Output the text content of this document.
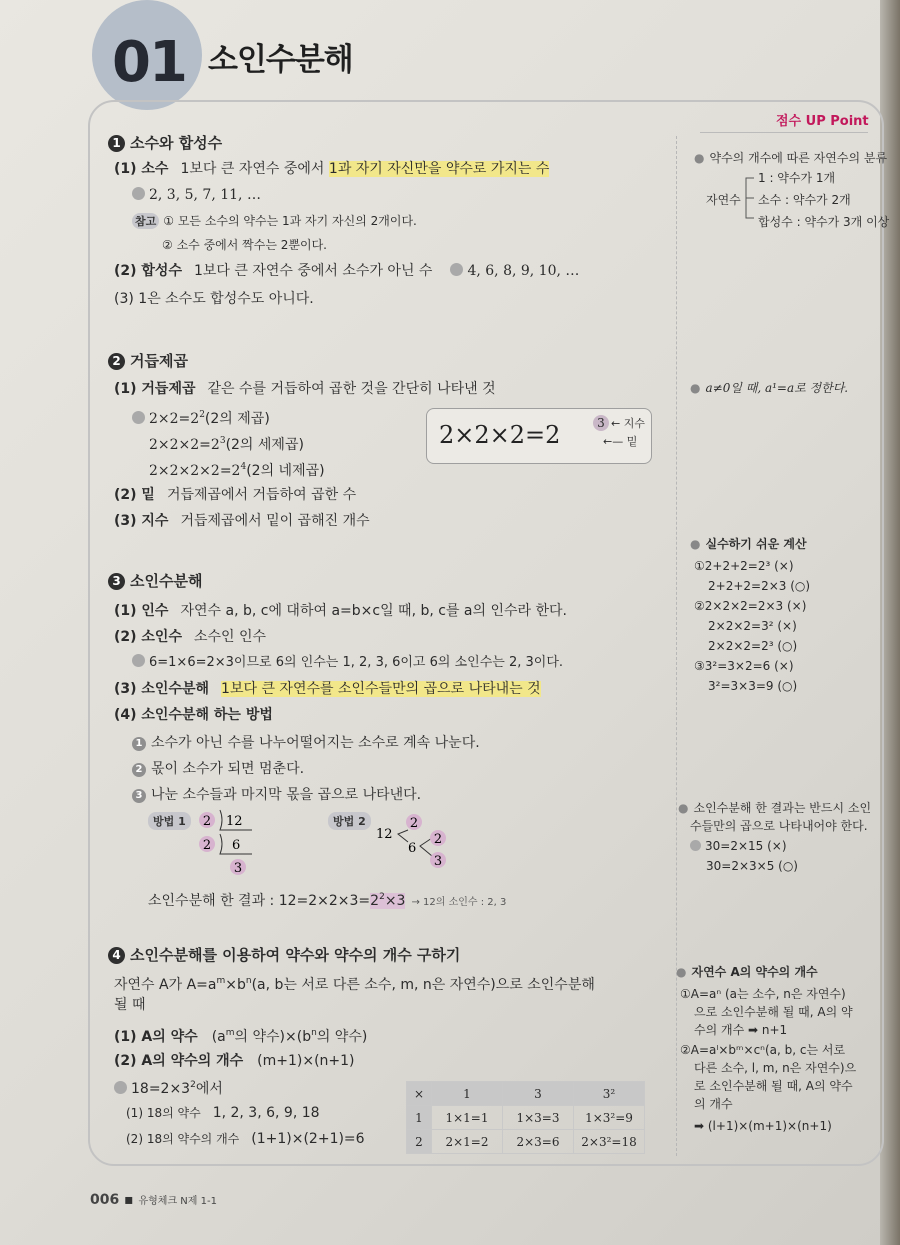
01 소인수분해
점수 UP Point
1 소수와 합성수
(1) 소수 1보다 큰 자연수 중에서 1과 자기 자신만을 약수로 가지는 수
2, 3, 5, 7, 11, …
참고 ① 모든 소수의 약수는 1과 자기 자신의 2개이다.
② 소수 중에서 짝수는 2뿐이다.
(2) 합성수 1보다 큰 자연수 중에서 소수가 아닌 수	4, 6, 8, 9, 10, …
(3) 1은 소수도 합성수도 아니다.
2 거듭제곱
(1) 거듭제곱 같은 수를 거듭하여 곱한 것을 간단히 나타낸 것
$2\times 2=2^2(2$의 제곱)
$2\times 2\times 2=2^3(2$의 세제곱)
$2\times 2\times 2\times 2=2^4(2$의 네제곱)
2×2×2=2	3 ← 지수
←— 밑
(2) 밑 거듭제곱에서 거듭하여 곱한 수
(3) 지수 거듭제곱에서 밑이 곱해진 개수
3 소인수분해
(1) 인수 자연수 a, b, c에 대하여 a=b×c일 때, b, c를 a의 인수라 한다.
(2) 소인수 소수인 인수
6=1×6=2×3이므로 6의 인수는 1, 2, 3, 6이고 6의 소인수는 2, 3이다.
(3) 소인수분해 1보다 큰 자연수를 소인수들만의 곱으로 나타내는 것
(4) 소인수분해 하는 방법
1 소수가 아닌 수를 나누어떨어지는 소수로 계속 나눈다.
2 몫이 소수가 되면 멈춘다.
3 나눈 소수들과 마지막 몫을 곱으로 나타낸다.
방법 1	2 12
2 6
3
방법 2
12
2
6
2
3
소인수분해 한 결과 : $12=2\times 2\times 3=2^2\times 3 \to 12$의 소인수 : 2, 3
4 소인수분해를 이용하여 약수와 약수의 개수 구하기
자연수 A가 $A=a^m\times b^n(a$, b는 서로 다른 소수, m, n은 자연수)으로 소인수분해
될 때
(1) A의 약수 ($a^m$의 약수)$\times(b^n$의 약수)
(2) A의 약수의 개수 (m+1)×(n+1)
$18=2\times 3^2$에서
(1) 18의 약수 1, 2, 3, 6, 9, 18
(2) 18의 약수의 개수 (1+1)×(2+1)=6
×	1	3	3²
1	1×1=1	1×3=3	1×3²=9
2	2×1=2	2×3=6	2×3²=18
● 약수의 개수에 따른 자연수의 분류
자연수
1 : 약수가 1개
소수 : 약수가 2개
합성수 : 약수가 3개 이상
● a≠0일 때, a¹=a로 정한다.
● 실수하기 쉬운 계산
①2+2+2=2³ (×)
2+2+2=2×3 (○)
②2×2×2=2×3 (×)
2×2×2=3² (×)
2×2×2=2³ (○)
③3²=3×2=6 (×)
3²=3×3=9 (○)
● 소인수분해 한 결과는 반드시 소인
수들만의 곱으로 나타내어야 한다.
30=2×15 (×)
30=2×3×5 (○)
● 자연수 A의 약수의 개수
①A=aⁿ (a는 소수, n은 자연수)
으로 소인수분해 될 때, A의 약
수의 개수 ➡ n+1
②A=aˡ×bᵐ×cⁿ(a, b, c는 서로
다른 소수, l, m, n은 자연수)으
로 소인수분해 될 때, A의 약수
의 개수
➡ (l+1)×(m+1)×(n+1)
006 ▪ 유형체크 N제 1-1
